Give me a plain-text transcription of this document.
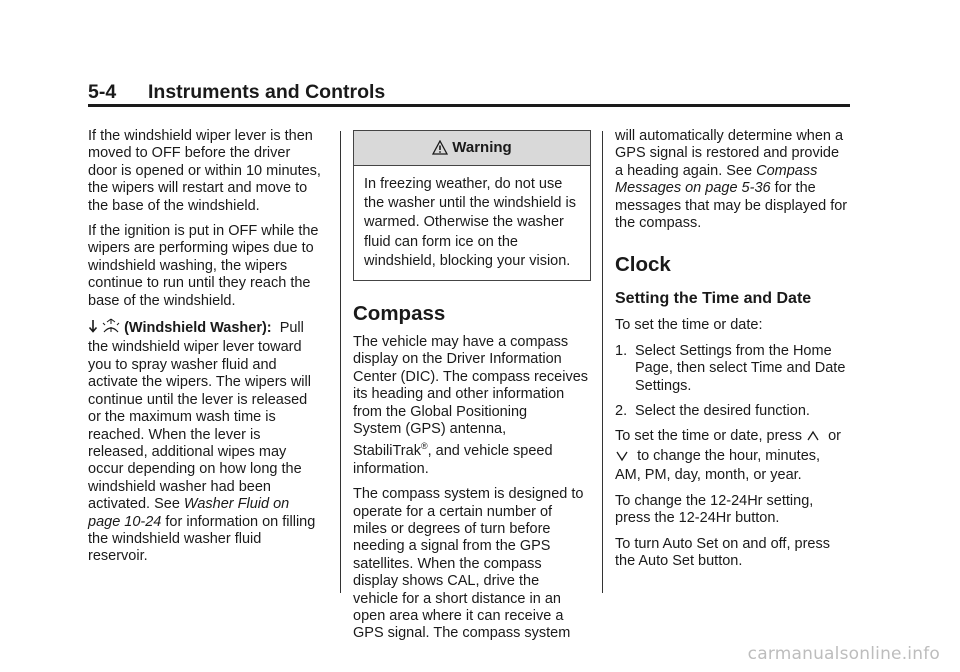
5-4 Instruments and Controls
If the windshield wiper lever is then
moved to OFF before the driver
door is opened or within 10 minutes,
the wipers will restart and move to
the base of the windshield.
If the ignition is put in OFF while the
wipers are performing wipes due to
windshield washing, the wipers
continue to run until they reach the
base of the windshield.
(Windshield Washer): Pull
the windshield wiper lever toward
you to spray washer fluid and
activate the wipers. The wipers will
continue until the lever is released
or the maximum wash time is
reached. When the lever is
released, additional wipes may
occur depending on how long the
windshield washer had been
activated. See Washer Fluid on
page 10-24 for information on filling
the windshield washer fluid
reservoir.
Warning
In freezing weather, do not use
the washer until the windshield is
warmed. Otherwise the washer
fluid can form ice on the
windshield, blocking your vision.
Compass
The vehicle may have a compass
display on the Driver Information
Center (DIC). The compass receives
its heading and other information
from the Global Positioning
System (GPS) antenna,
StabiliTrak®, and vehicle speed
information.
The compass system is designed to
operate for a certain number of
miles or degrees of turn before
needing a signal from the GPS
satellites. When the compass
display shows CAL, drive the
vehicle for a short distance in an
open area where it can receive a
GPS signal. The compass system
will automatically determine when a
GPS signal is restored and provide
a heading again. See Compass
Messages on page 5-36 for the
messages that may be displayed for
the compass.
Clock
Setting the Time and Date
To set the time or date:
1. Select Settings from the Home
Page, then select Time and Date
Settings.
2. Select the desired function.
To set the time or date, press or
to change the hour, minutes,
AM, PM, day, month, or year.
To change the 12-24Hr setting,
press the 12-24Hr button.
To turn Auto Set on and off, press
the Auto Set button.
carmanualsonline.info
